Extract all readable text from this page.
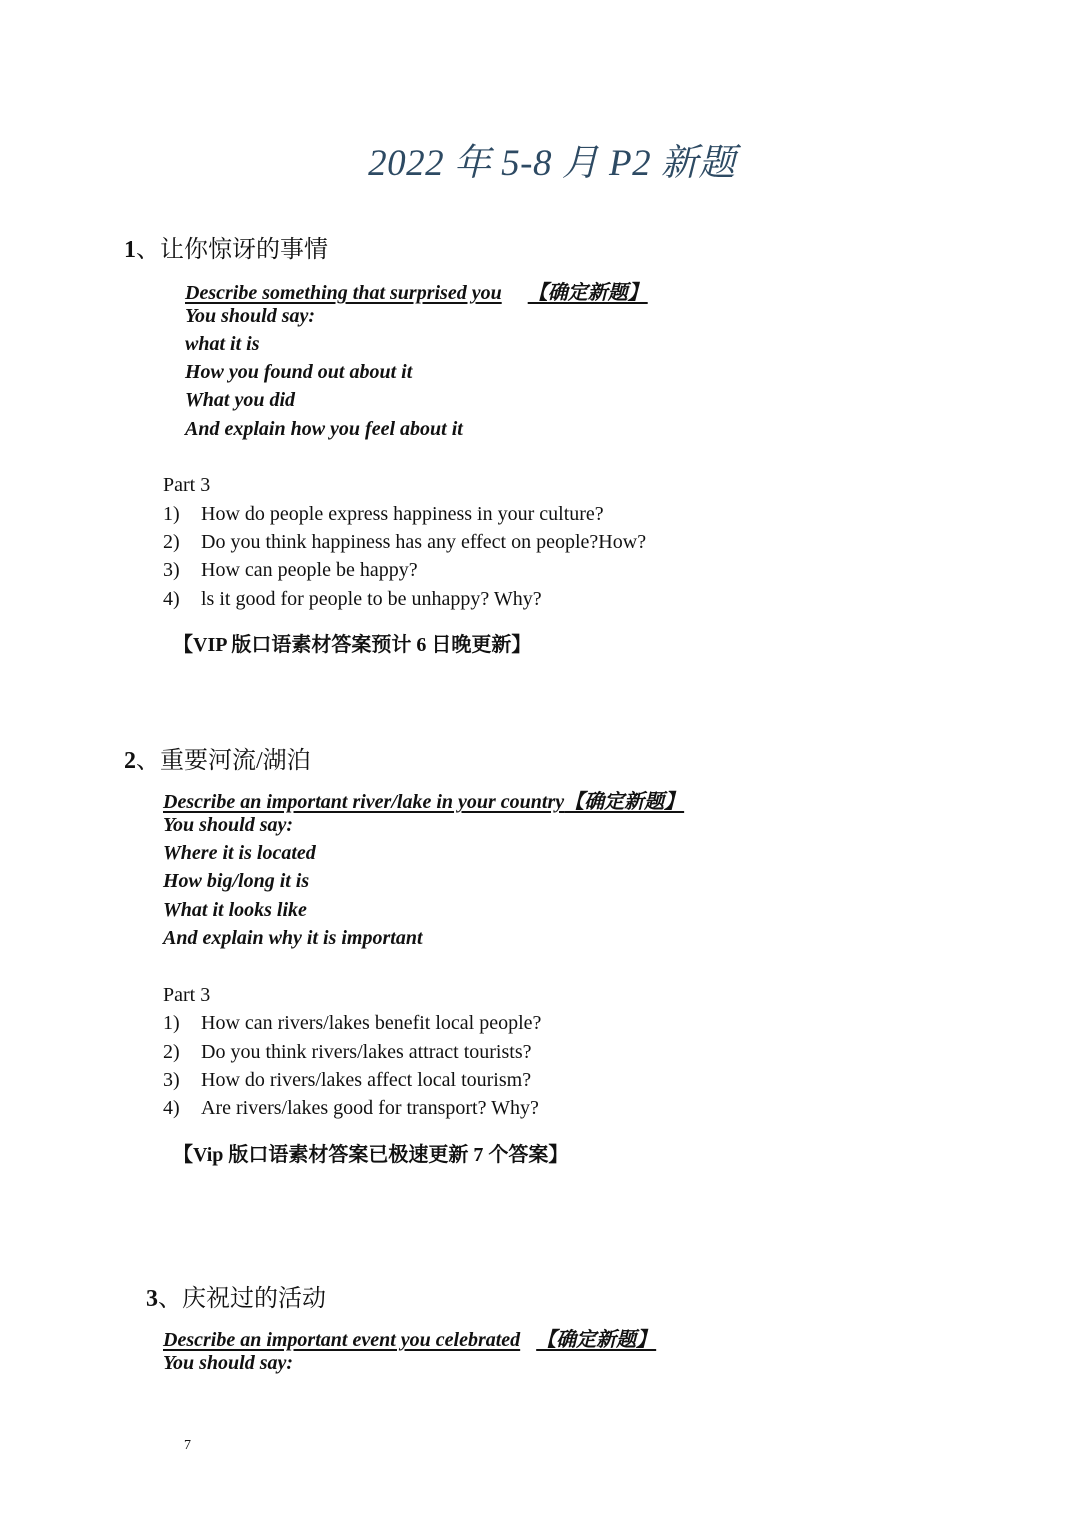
2022 年 5-8 月 P2 新题
1、让你惊讶的事情
Describe something that surprised you 【确定新题】
You should say:
what it is
How you found out about it
What you did
And explain how you feel about it
Part 3
1) How do people express happiness in your culture?
2) Do you think happiness has any effect on people?How?
3) How can people be happy?
4) ls it good for people to be unhappy? Why?
【VIP 版口语素材答案预计 6 日晚更新】
2、重要河流/湖泊
Describe an important river/lake in your country【确定新题】
You should say:
Where it is located
How big/long it is
What it looks like
And explain why it is important
Part 3
1) How can rivers/lakes benefit local people?
2) Do you think rivers/lakes attract tourists?
3) How do rivers/lakes affect local tourism?
4) Are rivers/lakes good for transport? Why?
【Vip 版口语素材答案已极速更新 7 个答案】
3、庆祝过的活动
Describe an important event you celebrated 【确定新题】
You should say:
7
